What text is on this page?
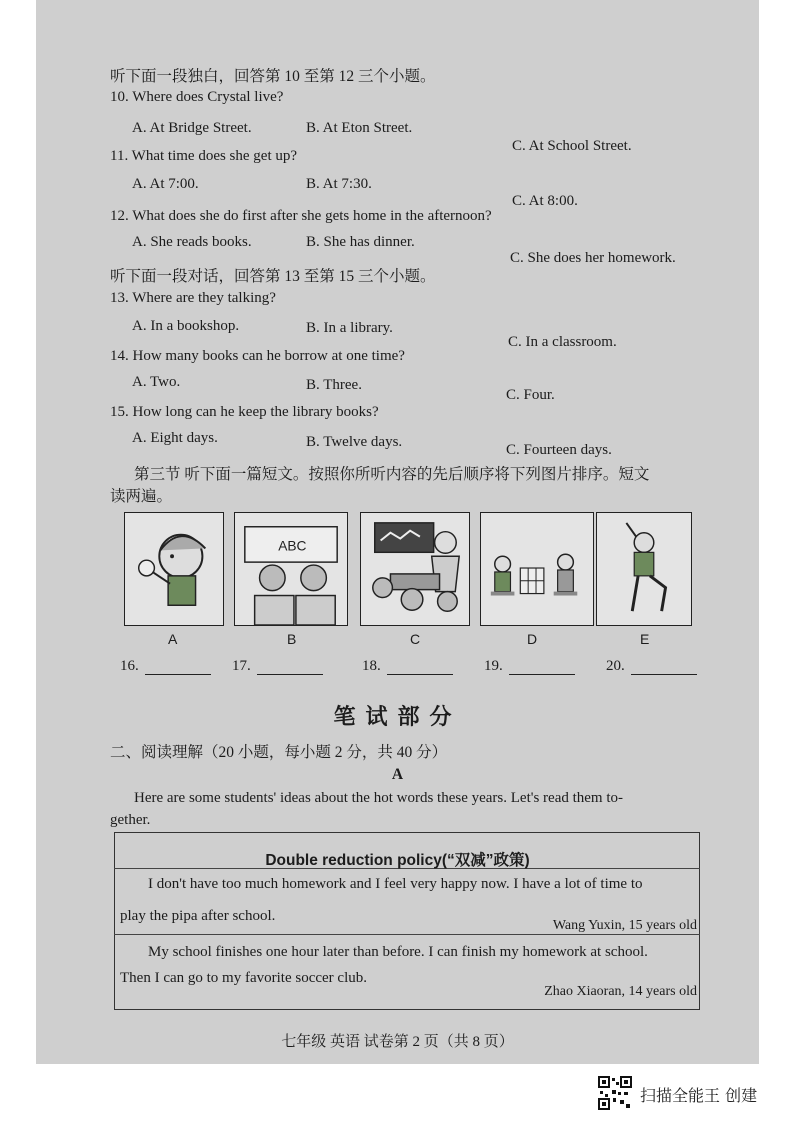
听下面一段独白，回答第 10 至第 12 三个小题。
10. Where does Crystal live?
A. At Bridge Street.	B. At Eton Street.
C. At School Street.
11. What time does she get up?
A. At 7:00.	B. At 7:30.
C. At 8:00.
12. What does she do first after she gets home in the afternoon?
A. She reads books.	B. She has dinner.
C. She does her homework.
听下面一段对话，回答第 13 至第 15 三个小题。
13. Where are they talking?
A. In a bookshop.	B. In a library.
C. In a classroom.
14. How many books can he borrow at one time?
A. Two.	B. Three.
C. Four.
15. How long can he keep the library books?
A. Eight days.	B. Twelve days.	C. Fourteen days.
第三节 听下面一篇短文。按照你所听内容的先后顺序将下列图片排序。短文
读两遍。
ABC
A	B	C	D	E
16.	17.	18.	19.	20.
笔试部分
二、阅读理解（20 小题，每小题 2 分，共 40 分）
A
Here are some students' ideas about the hot words these years. Let's read them to-
gether.
Double reduction policy(“双减”政策)
I don't have too much homework and I feel very happy now. I have a lot of time to
play the pipa after school.
Wang Yuxin, 15 years old
My school finishes one hour later than before. I can finish my homework at school.
Then I can go to my favorite soccer club.
Zhao Xiaoran, 14 years old
七年级 英语 试卷第 2 页（共 8 页）
扫描全能王 创建
